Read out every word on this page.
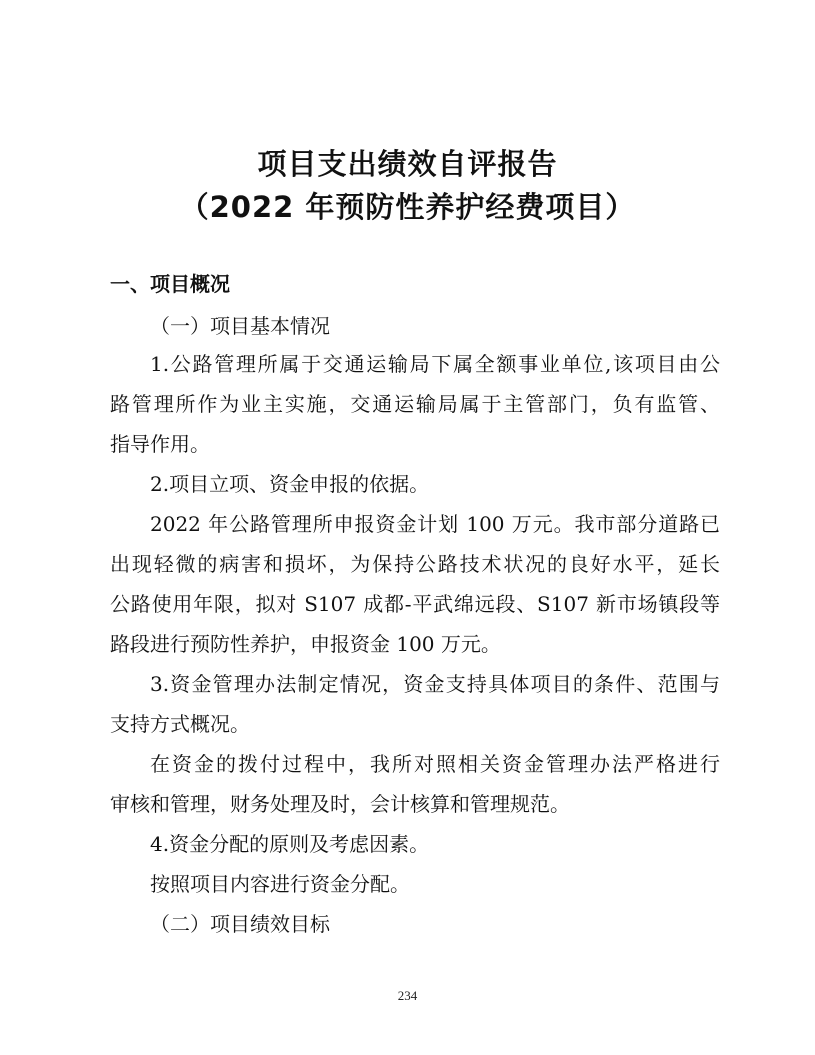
项目支出绩效自评报告
（2022 年预防性养护经费项目）
一、项目概况
（一）项目基本情况
1.公路管理所属于交通运输局下属全额事业单位,该项目由公
路管理所作为业主实施，交通运输局属于主管部门，负有监管、
指导作用。
2.项目立项、资金申报的依据。
2022 年公路管理所申报资金计划 100 万元。我市部分道路已
出现轻微的病害和损坏，为保持公路技术状况的良好水平，延长
公路使用年限，拟对 S107 成都-平武绵远段、S107 新市场镇段等
路段进行预防性养护，申报资金 100 万元。
3.资金管理办法制定情况，资金支持具体项目的条件、范围与
支持方式概况。
在资金的拨付过程中，我所对照相关资金管理办法严格进行
审核和管理，财务处理及时，会计核算和管理规范。
4.资金分配的原则及考虑因素。
按照项目内容进行资金分配。
（二）项目绩效目标
234
